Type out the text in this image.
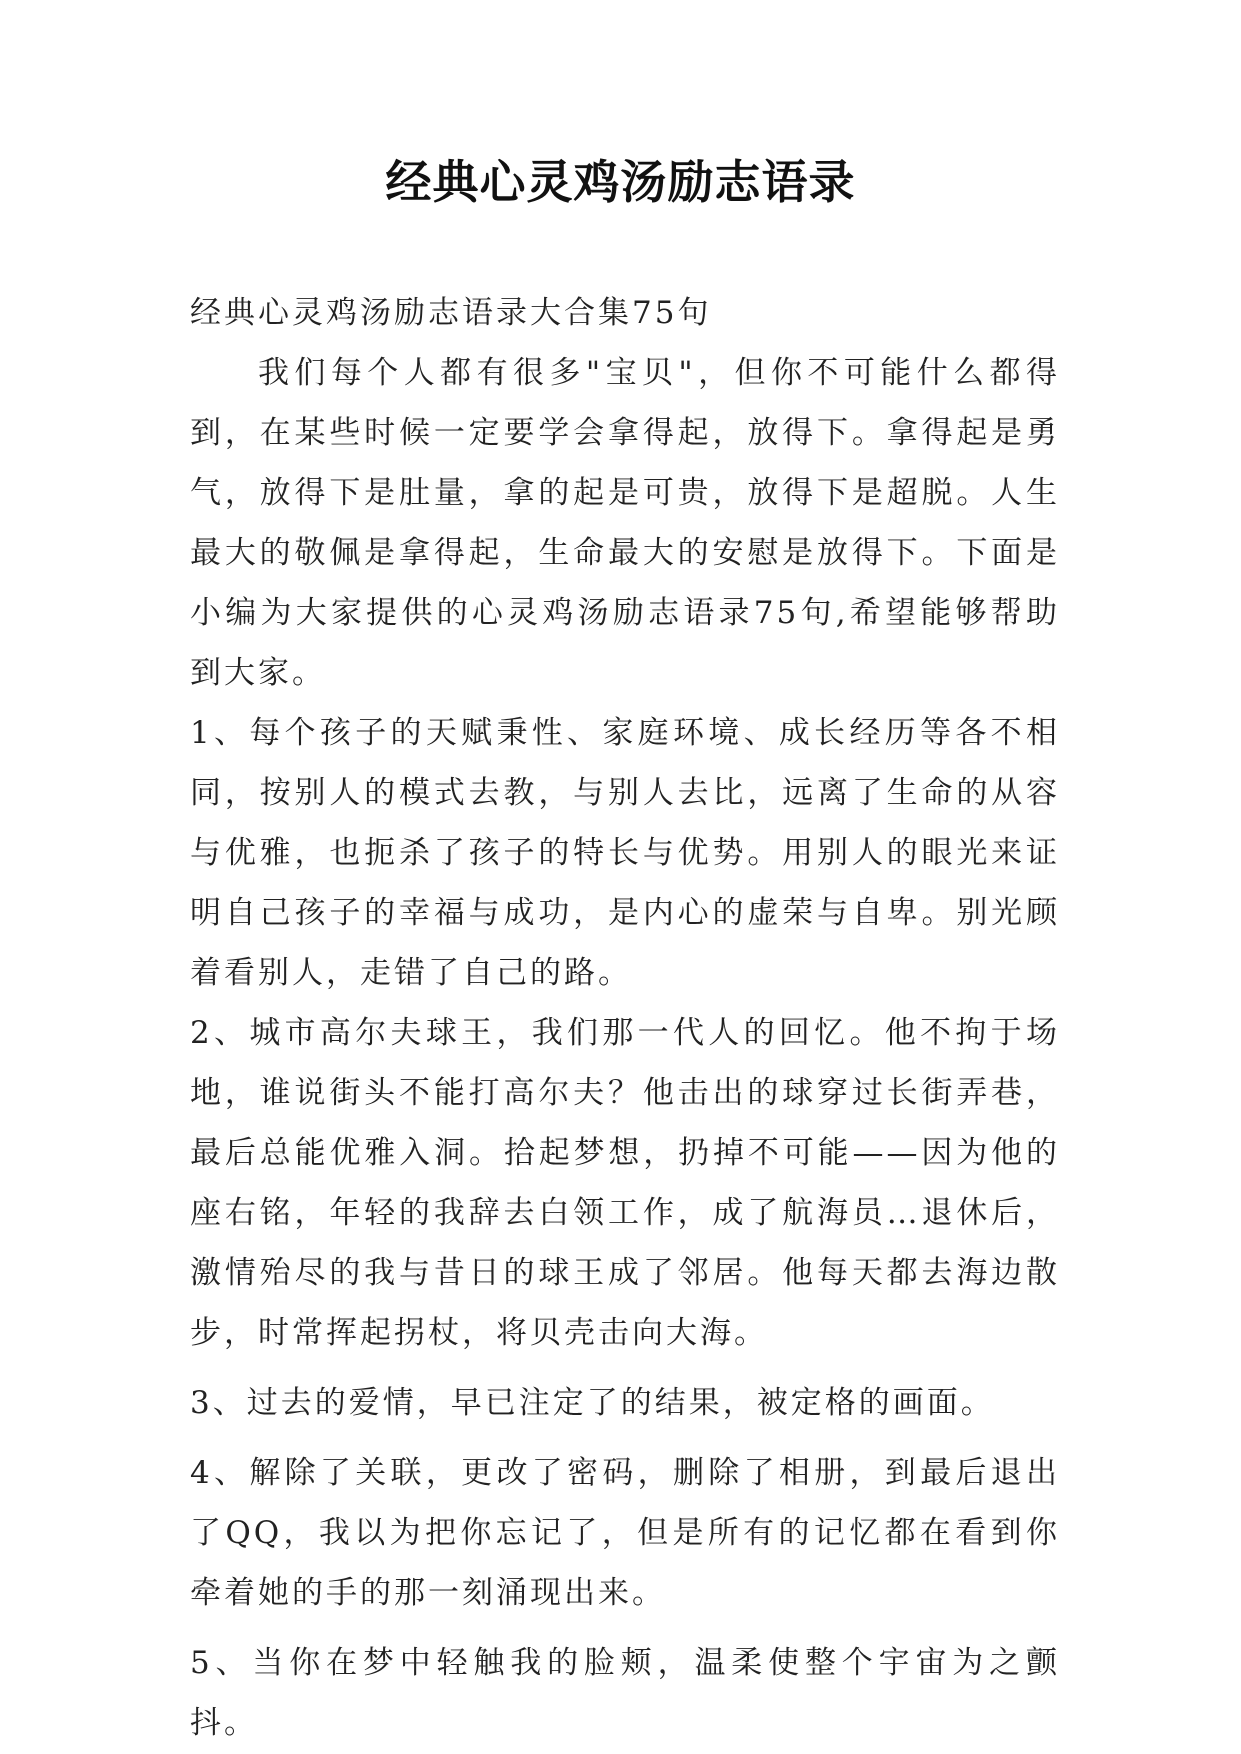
经典心灵鸡汤励志语录

经典心灵鸡汤励志语录大合集75句

我们每个人都有很多"宝贝"，但你不可能什么都得到，在某些时候一定要学会拿得起，放得下。拿得起是勇气，放得下是肚量，拿的起是可贵，放得下是超脱。人生最大的敬佩是拿得起，生命最大的安慰是放得下。下面是小编为大家提供的心灵鸡汤励志语录75句,希望能够帮助到大家。

1、每个孩子的天赋秉性、家庭环境、成长经历等各不相同，按别人的模式去教，与别人去比，远离了生命的从容与优雅，也扼杀了孩子的特长与优势。用别人的眼光来证明自己孩子的幸福与成功，是内心的虚荣与自卑。别光顾着看别人，走错了自己的路。

2、城市高尔夫球王，我们那一代人的回忆。他不拘于场地，谁说街头不能打高尔夫？他击出的球穿过长街弄巷，最后总能优雅入洞。拾起梦想，扔掉不可能——因为他的座右铭，年轻的我辞去白领工作，成了航海员…退休后，激情殆尽的我与昔日的球王成了邻居。他每天都去海边散步，时常挥起拐杖，将贝壳击向大海。

3、过去的爱情，早已注定了的结果，被定格的画面。

4、解除了关联，更改了密码，删除了相册，到最后退出了QQ，我以为把你忘记了，但是所有的记忆都在看到你牵着她的手的那一刻涌现出来。

5、当你在梦中轻触我的脸颊，温柔使整个宇宙为之颤抖。
